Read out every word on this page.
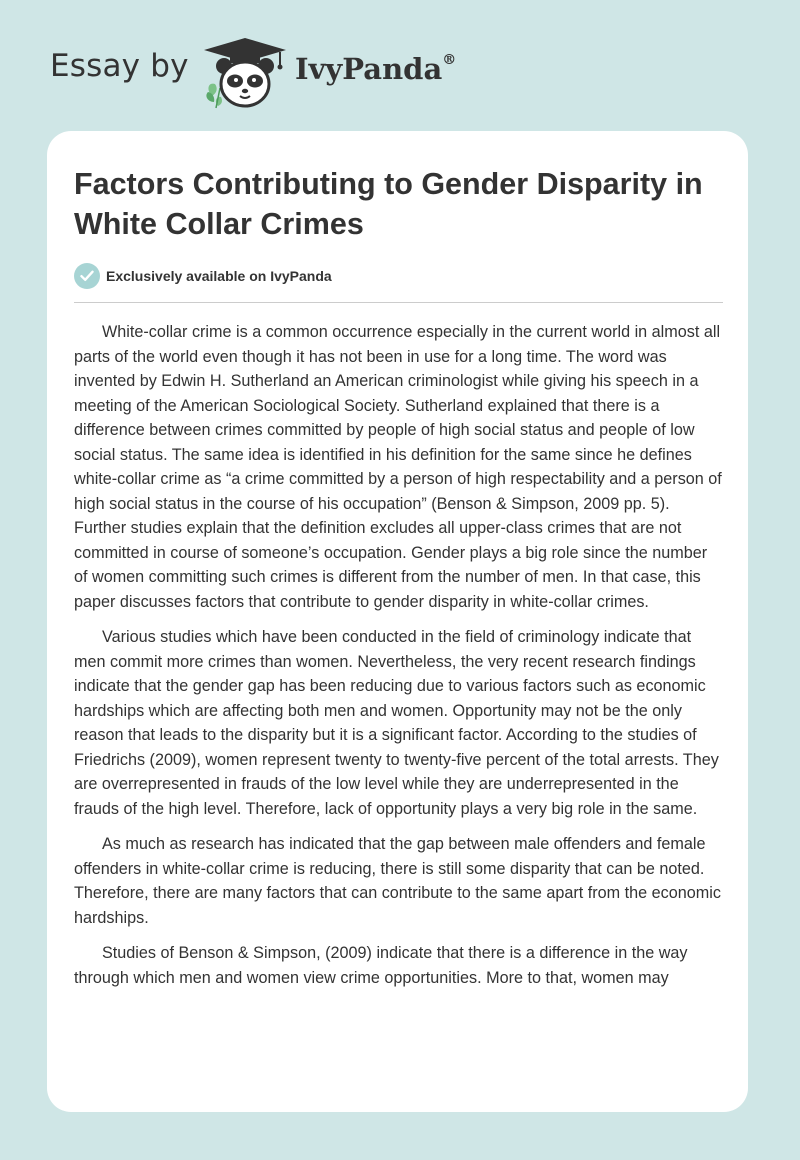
Essay by	IvyPanda®
Factors Contributing to Gender Disparity in White Collar Crimes
Exclusively available on IvyPanda

White-collar crime is a common occurrence especially in the current world in almost all parts of the world even though it has not been in use for a long time. The word was invented by Edwin H. Sutherland an American criminologist while giving his speech in a meeting of the American Sociological Society. Sutherland explained that there is a difference between crimes committed by people of high social status and people of low social status. The same idea is identified in his definition for the same since he defines white-collar crime as “a crime committed by a person of high respectability and a person of high social status in the course of his occupation” (Benson & Simpson, 2009 pp. 5). Further studies explain that the definition excludes all upper-class crimes that are not committed in course of someone’s occupation. Gender plays a big role since the number of women committing such crimes is different from the number of men. In that case, this paper discusses factors that contribute to gender disparity in white-collar crimes.

Various studies which have been conducted in the field of criminology indicate that men commit more crimes than women. Nevertheless, the very recent research findings indicate that the gender gap has been reducing due to various factors such as economic hardships which are affecting both men and women. Opportunity may not be the only reason that leads to the disparity but it is a significant factor. According to the studies of Friedrichs (2009), women represent twenty to twenty-five percent of the total arrests. They are overrepresented in frauds of the low level while they are underrepresented in the frauds of the high level. Therefore, lack of opportunity plays a very big role in the same.

As much as research has indicated that the gap between male offenders and female offenders in white-collar crime is reducing, there is still some disparity that can be noted. Therefore, there are many factors that can contribute to the same apart from the economic hardships.

Studies of Benson & Simpson, (2009) indicate that there is a difference in the way through which men and women view crime opportunities. More to that, women may
